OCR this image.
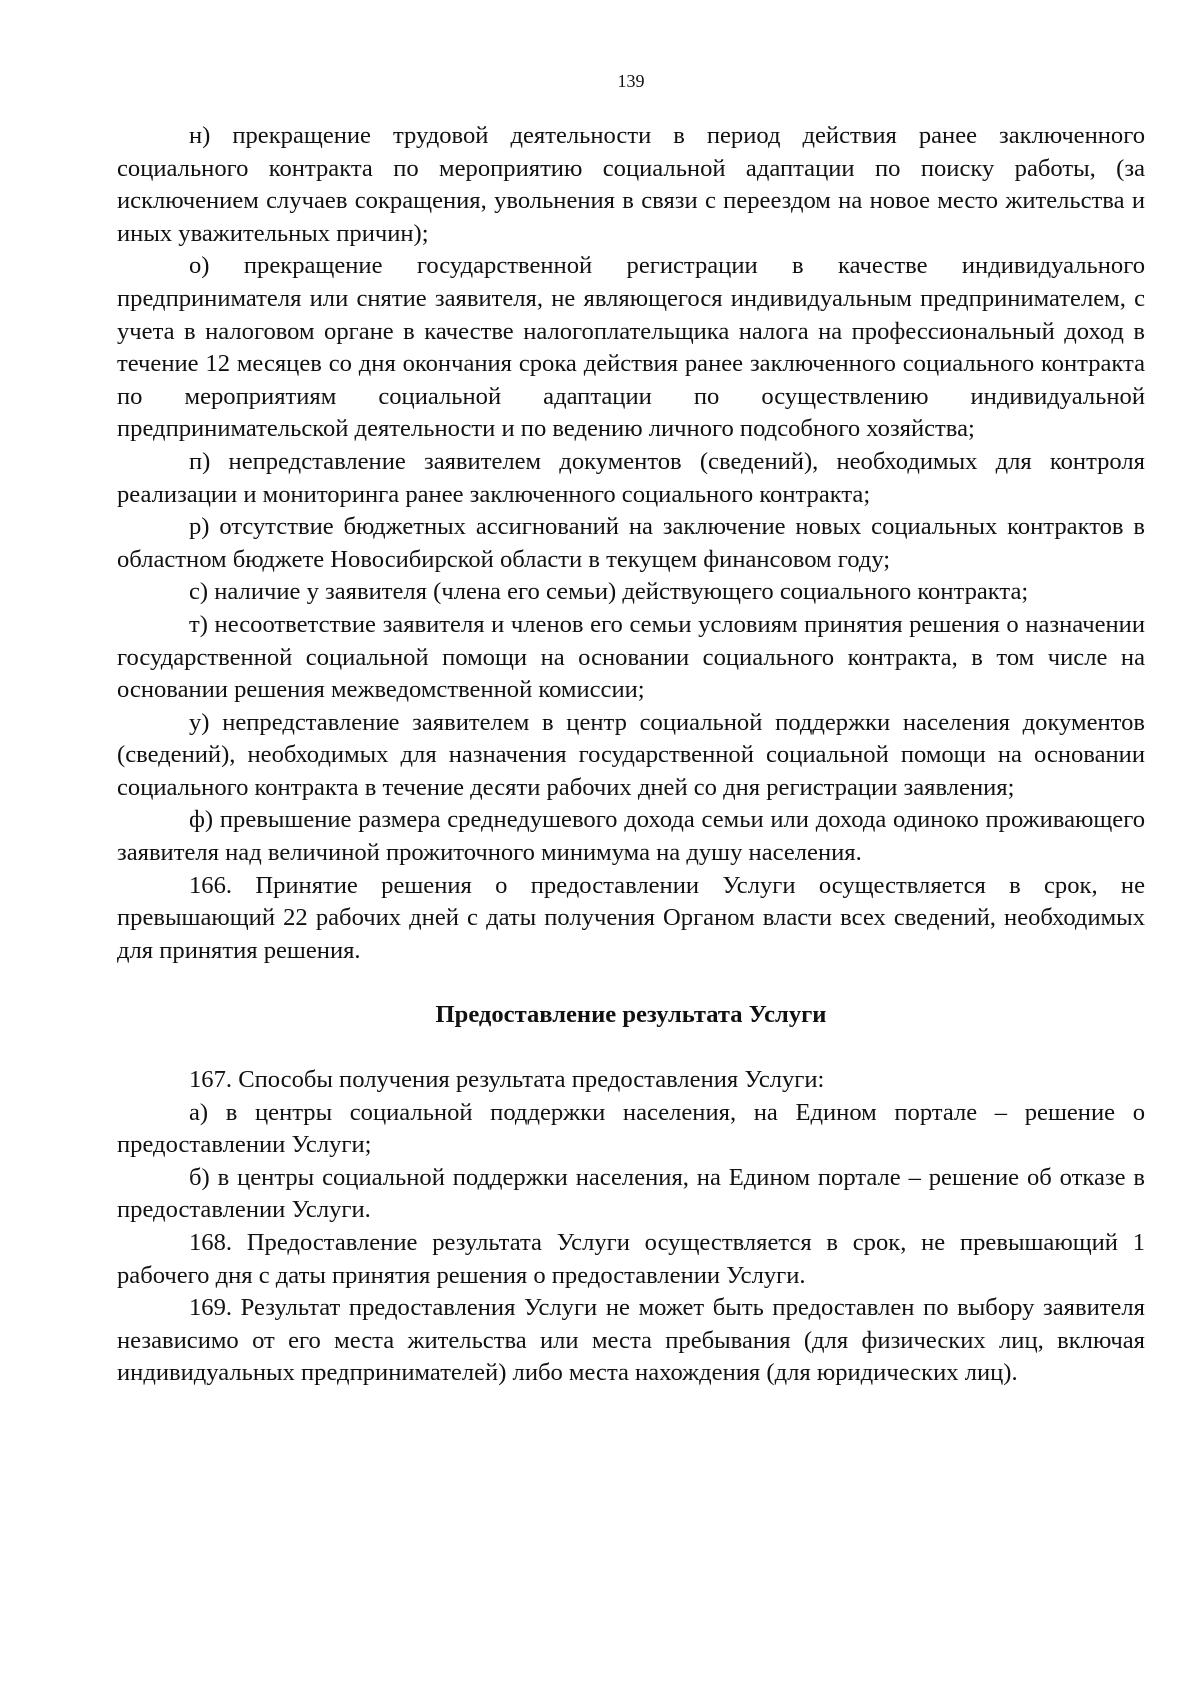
139

н) прекращение трудовой деятельности в период действия ранее заключенного социального контракта по мероприятию социальной адаптации по поиску работы, (за исключением случаев сокращения, увольнения в связи с переездом на новое место жительства и иных уважительных причин);

о) прекращение государственной регистрации в качестве индивидуального предпринимателя или снятие заявителя, не являющегося индивидуальным предпринимателем, с учета в налоговом органе в качестве налогоплательщика налога на профессиональный доход в течение 12 месяцев со дня окончания срока действия ранее заключенного социального контракта по мероприятиям социальной адаптации по осуществлению индивидуальной предпринимательской деятельности и по ведению личного подсобного хозяйства;

п) непредставление заявителем документов (сведений), необходимых для контроля реализации и мониторинга ранее заключенного социального контракта;

р) отсутствие бюджетных ассигнований на заключение новых социальных контрактов в областном бюджете Новосибирской области в текущем финансовом году;

с) наличие у заявителя (члена его семьи) действующего социального контракта;

т) несоответствие заявителя и членов его семьи условиям принятия решения о назначении государственной социальной помощи на основании социального контракта, в том числе на основании решения межведомственной комиссии;

у) непредставление заявителем в центр социальной поддержки населения документов (сведений), необходимых для назначения государственной социальной помощи на основании социального контракта в течение десяти рабочих дней со дня регистрации заявления;

ф) превышение размера среднедушевого дохода семьи или дохода одиноко проживающего заявителя над величиной прожиточного минимума на душу населения.

166. Принятие решения о предоставлении Услуги осуществляется в срок, не превышающий 22 рабочих дней с даты получения Органом власти всех сведений, необходимых для принятия решения.

Предоставление результата Услуги

167. Способы получения результата предоставления Услуги:

а) в центры социальной поддержки населения, на Едином портале – решение о предоставлении Услуги;

б) в центры социальной поддержки населения, на Едином портале – решение об отказе в предоставлении Услуги.

168. Предоставление результата Услуги осуществляется в срок, не превышающий 1 рабочего дня с даты принятия решения о предоставлении Услуги.

169. Результат предоставления Услуги не может быть предоставлен по выбору заявителя независимо от его места жительства или места пребывания (для физических лиц, включая индивидуальных предпринимателей) либо места нахождения (для юридических лиц).
